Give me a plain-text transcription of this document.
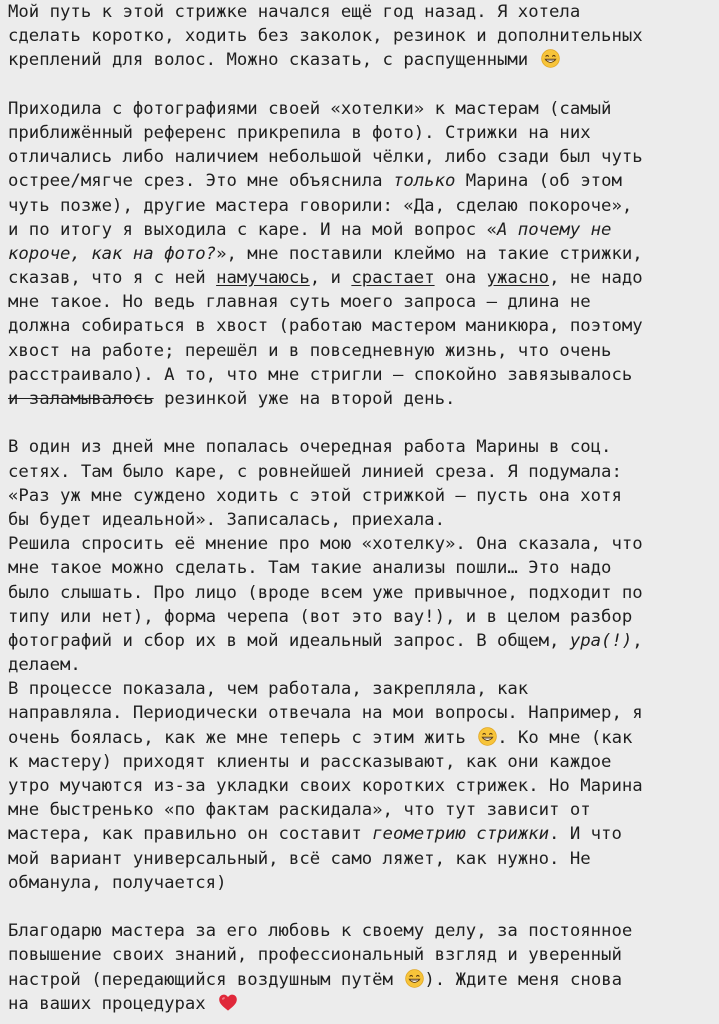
Мой путь к этой стрижке начался ещё год назад. Я хотела
сделать коротко, ходить без заколок, резинок и дополнительных
креплений для волос. Можно сказать, с распущенными
Приходила с фотографиями своей «хотелки» к мастерам (самый
приближённый референс прикрепила в фото). Стрижки на них
отличались либо наличием небольшой чёлки, либо сзади был чуть
острее/мягче срез. Это мне объяснила только Марина (об этом
чуть позже), другие мастера говорили: «Да, сделаю покороче»,
и по итогу я выходила с каре. И на мой вопрос «А почему не
короче, как на фото?», мне поставили клеймо на такие стрижки,
сказав, что я с ней намучаюсь, и срастает она ужасно, не надо
мне такое. Но ведь главная суть моего запроса — длина не
должна собираться в хвост (работаю мастером маникюра, поэтому
хвост на работе; перешёл и в повседневную жизнь, что очень
расстраивало). А то, что мне стригли — спокойно завязывалось
и заламывалось резинкой уже на второй день.
В один из дней мне попалась очередная работа Марины в соц.
сетях. Там было каре, с ровнейшей линией среза. Я подумала:
«Раз уж мне суждено ходить с этой стрижкой — пусть она хотя
бы будет идеальной». Записалась, приехала.
Решила спросить её мнение про мою «хотелку». Она сказала, что
мне такое можно сделать. Там такие анализы пошли… Это надо
было слышать. Про лицо (вроде всем уже привычное, подходит по
типу или нет), форма черепа (вот это вау!), и в целом разбор
фотографий и сбор их в мой идеальный запрос. В общем, ура(!),
делаем.
В процессе показала, чем работала, закрепляла, как
направляла. Периодически отвечала на мои вопросы. Например, я
очень боялась, как же мне теперь с этим жить . Ко мне (как
к мастеру) приходят клиенты и рассказывают, как они каждое
утро мучаются из-за укладки своих коротких стрижек. Но Марина
мне быстренько «по фактам раскидала», что тут зависит от
мастера, как правильно он составит геометрию стрижки. И что
мой вариант универсальный, всё само ляжет, как нужно. Не
обманула, получается)
Благодарю мастера за его любовь к своему делу, за постоянное
повышение своих знаний, профессиональный взгляд и уверенный
настрой (передающийся воздушным путём ). Ждите меня снова
на ваших процедурах
